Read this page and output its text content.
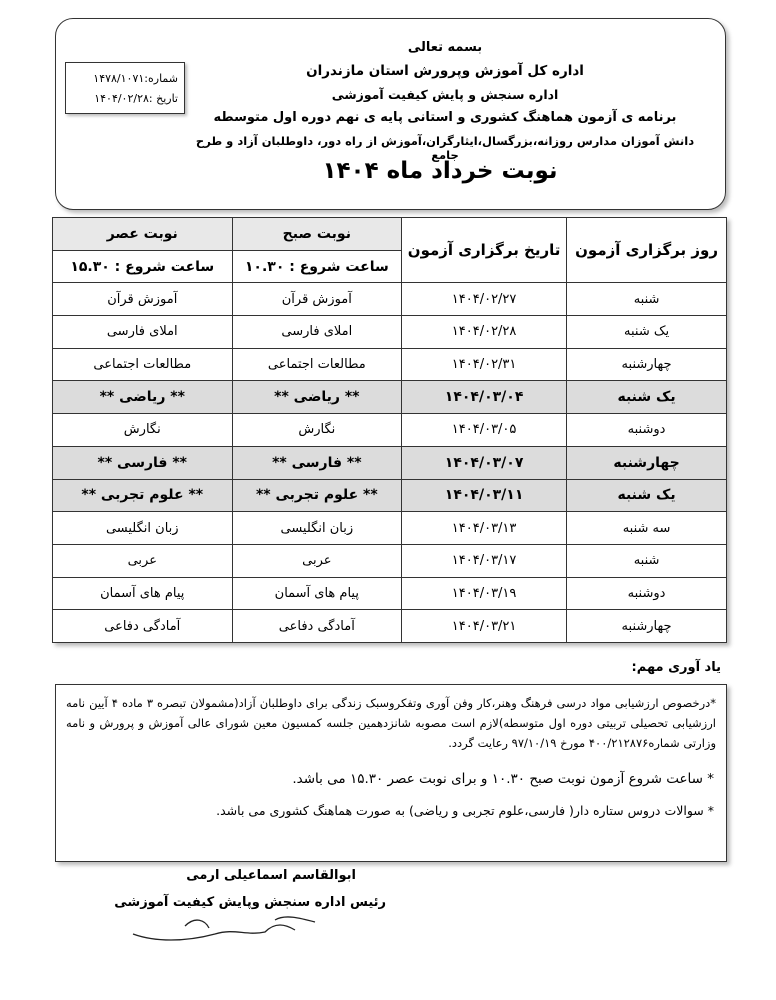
شماره:۱۴۷۸/۱۰۷۱
تاریخ :۱۴۰۴/۰۲/۲۸
بسمه تعالی
اداره کل آموزش وپرورش استان مازندران
اداره سنجش و پایش کیفیت آموزشی
برنامه ی آزمون هماهنگ کشوری و استانی پایه ی نهم دوره اول متوسطه
دانش آموزان مدارس روزانه،بزرگسال،ایثارگران،آموزش از راه دور، داوطلبان آزاد و طرح جامع
نوبت خرداد ماه ۱۴۰۴
روز برگزاری آزمون	تاریخ برگزاری آزمون	نوبت صبح	نوبت عصر
		ساعت شروع : ۱۰.۳۰	ساعت شروع : ۱۵.۳۰
شنبه	۱۴۰۴/۰۲/۲۷	آموزش قرآن	آموزش قرآن
یک شنبه	۱۴۰۴/۰۲/۲۸	املای فارسی	املای فارسی
چهارشنبه	۱۴۰۴/۰۲/۳۱	مطالعات اجتماعی	مطالعات اجتماعی
یک شنبه	۱۴۰۴/۰۳/۰۴	** ریاضی **	** ریاضی **
دوشنبه	۱۴۰۴/۰۳/۰۵	نگارش	نگارش
چهارشنبه	۱۴۰۴/۰۳/۰۷	** فارسی **	** فارسی **
یک شنبه	۱۴۰۴/۰۳/۱۱	** علوم تجربی **	** علوم تجربی **
سه شنبه	۱۴۰۴/۰۳/۱۳	زبان انگلیسی	زبان انگلیسی
شنبه	۱۴۰۴/۰۳/۱۷	عربی	عربی
دوشنبه	۱۴۰۴/۰۳/۱۹	پیام های آسمان	پیام های آسمان
چهارشنبه	۱۴۰۴/۰۳/۲۱	آمادگی دفاعی	آمادگی دفاعی
یاد آوری مهم:
*درخصوص ارزشیابی مواد درسی فرهنگ وهنر،کار وفن آوری وتفکروسبک زندگی برای داوطلبان آزاد(مشمولان تبصره ۳ ماده ۴ آیین نامه ارزشیابی تحصیلی تربیتی دوره اول متوسطه)لازم است مصوبه شانزدهمین جلسه کمسیون معین شورای عالی آموزش و پرورش و نامه وزارتی شماره۴۰۰/۲۱۲۸۷۶ مورخ ۹۷/۱۰/۱۹ رعایت گردد.
* ساعت شروع آزمون نوبت صبح ۱۰.۳۰ و برای نوبت عصر ۱۵.۳۰ می باشد.
* سوالات دروس ستاره دار( فارسی،علوم تجربی و ریاضی) به صورت هماهنگ کشوری می باشد.
ابوالقاسم اسماعیلی ارمی
رئیس اداره سنجش وپایش کیفیت آموزشی
